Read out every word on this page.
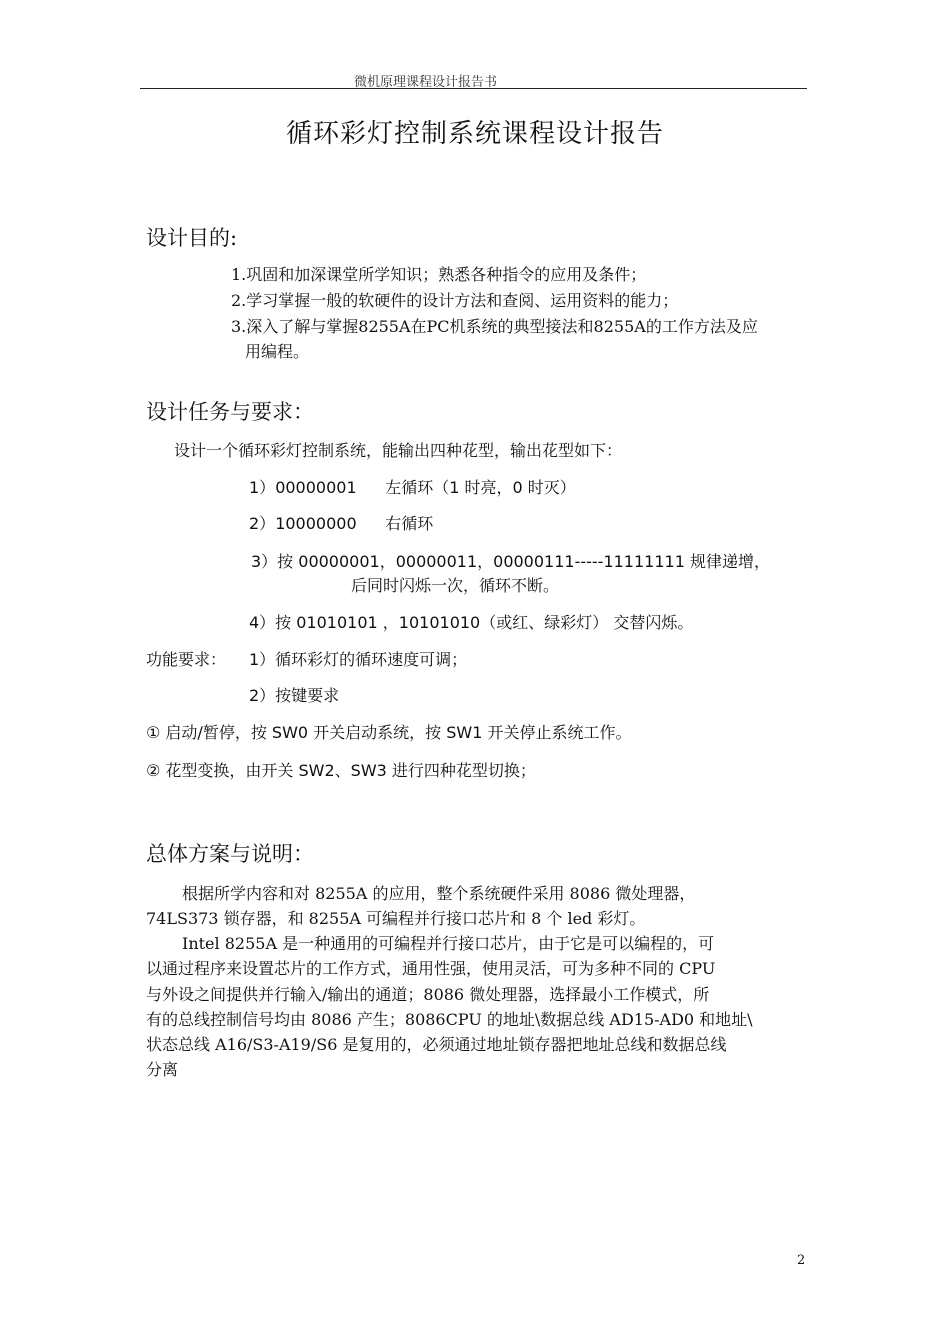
微机原理课程设计报告书
循环彩灯控制系统课程设计报告
设计目的:
1.巩固和加深课堂所学知识；熟悉各种指令的应用及条件；
2.学习掌握一般的软硬件的设计方法和查阅、运用资料的能力；
3.深入了解与掌握8255A在PC机系统的典型接法和8255A的工作方法及应
用编程。
设计任务与要求：
设计一个循环彩灯控制系统，能输出四种花型，输出花型如下：
1）00000001 左循环（1 时亮，0 时灭）
2）10000000 右循环
3）按 00000001，00000011，00000111-----11111111 规律递增，
后同时闪烁一次，循环不断。
4）按 01010101 ，10101010（或红、绿彩灯） 交替闪烁。
功能要求： 1）循环彩灯的循环速度可调；
2）按键要求
① 启动/暂停，按 SW0 开关启动系统，按 SW1 开关停止系统工作。
② 花型变换，由开关 SW2、SW3 进行四种花型切换；
总体方案与说明：
根据所学内容和对 8255A 的应用，整个系统硬件采用 8086 微处理器，
74LS373 锁存器，和 8255A 可编程并行接口芯片和 8 个 led 彩灯。
Intel 8255A 是一种通用的可编程并行接口芯片，由于它是可以编程的，可
以通过程序来设置芯片的工作方式，通用性强，使用灵活，可为多种不同的 CPU
与外设之间提供并行输入/输出的通道；8086 微处理器，选择最小工作模式，所
有的总线控制信号均由 8086 产生；8086CPU 的地址\数据总线 AD15-AD0 和地址\
状态总线 A16/S3-A19/S6 是复用的，必须通过地址锁存器把地址总线和数据总线
分离
2
